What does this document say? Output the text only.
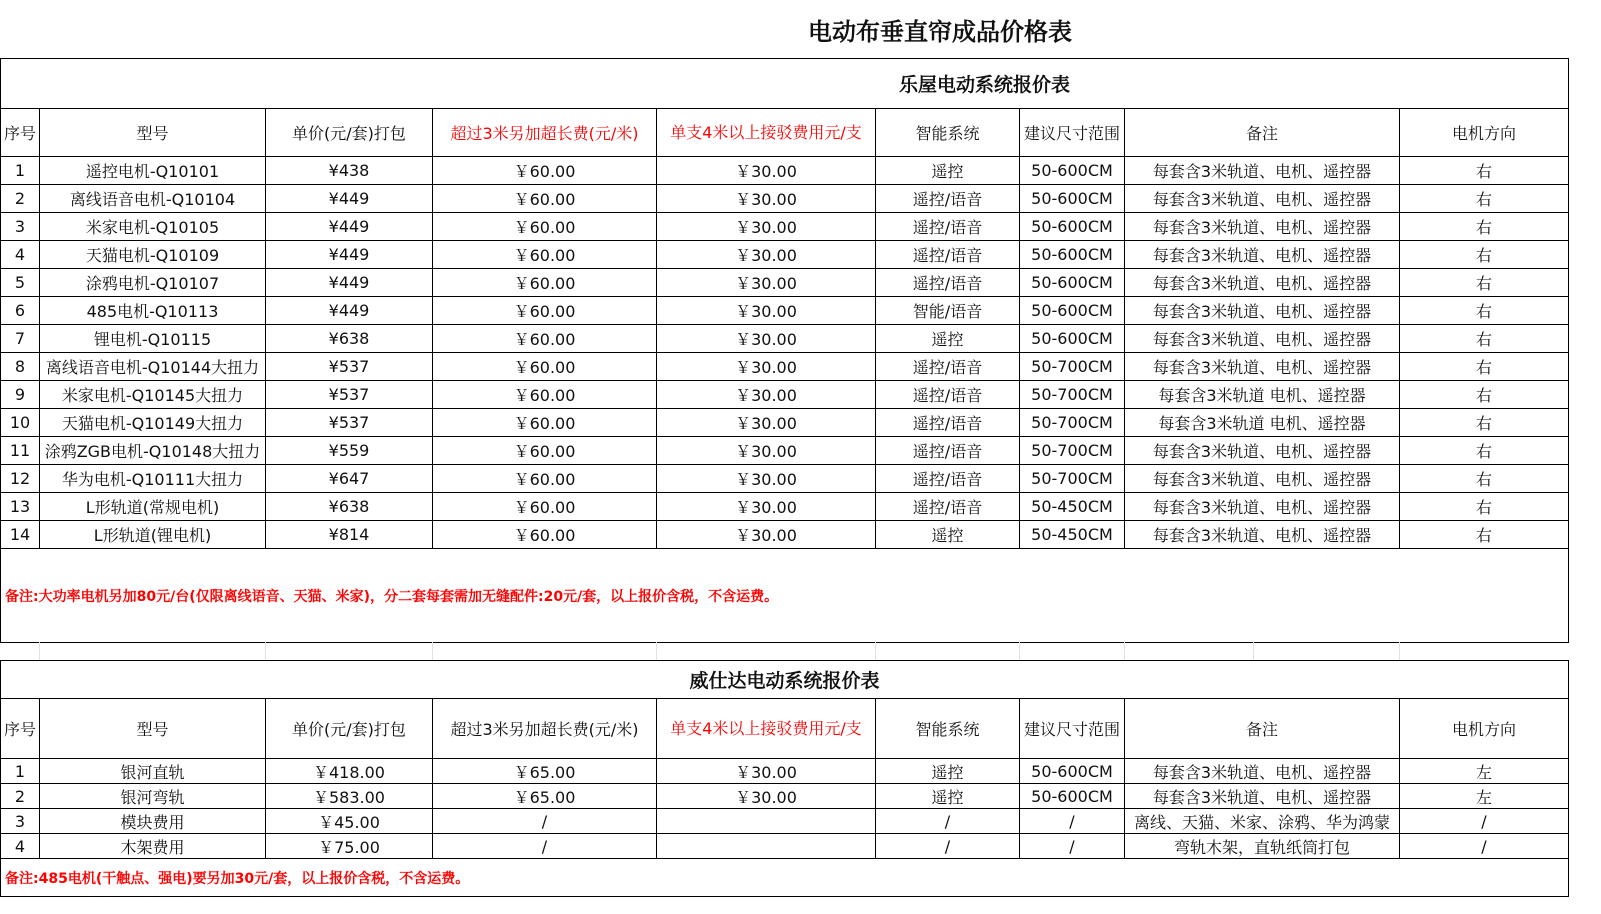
电动布垂直帘成品价格表
乐屋电动系统报价表								
序号	型号	单价(元/套)打包	超过3米另加超长费(元/米)	单支4米以上接驳费用元/支	智能系统	建议尺寸范围	备注	电机方向
1	遥控电机-Q10101	¥438	￥60.00	￥30.00	遥控	50-600CM	每套含3米轨道、电机、遥控器	右
2	离线语音电机-Q10104	¥449	￥60.00	￥30.00	遥控/语音	50-600CM	每套含3米轨道、电机、遥控器	右
3	米家电机-Q10105	¥449	￥60.00	￥30.00	遥控/语音	50-600CM	每套含3米轨道、电机、遥控器	右
4	天猫电机-Q10109	¥449	￥60.00	￥30.00	遥控/语音	50-600CM	每套含3米轨道、电机、遥控器	右
5	涂鸦电机-Q10107	¥449	￥60.00	￥30.00	遥控/语音	50-600CM	每套含3米轨道、电机、遥控器	右
6	485电机-Q10113	¥449	￥60.00	￥30.00	智能/语音	50-600CM	每套含3米轨道、电机、遥控器	右
7	锂电机-Q10115	¥638	￥60.00	￥30.00	遥控	50-600CM	每套含3米轨道、电机、遥控器	右
8	离线语音电机-Q10144大扭力	¥537	￥60.00	￥30.00	遥控/语音	50-700CM	每套含3米轨道、电机、遥控器	右
9	米家电机-Q10145大扭力	¥537	￥60.00	￥30.00	遥控/语音	50-700CM	每套含3米轨道 电机、遥控器	右
10	天猫电机-Q10149大扭力	¥537	￥60.00	￥30.00	遥控/语音	50-700CM	每套含3米轨道 电机、遥控器	右
11	涂鸦ZGB电机-Q10148大扭力	¥559	￥60.00	￥30.00	遥控/语音	50-700CM	每套含3米轨道、电机、遥控器	右
12	华为电机-Q10111大扭力	¥647	￥60.00	￥30.00	遥控/语音	50-700CM	每套含3米轨道、电机、遥控器	右
13	L形轨道(常规电机)	¥638	￥60.00	￥30.00	遥控/语音	50-450CM	每套含3米轨道、电机、遥控器	右
14	L形轨道(锂电机)	¥814	￥60.00	￥30.00	遥控	50-450CM	每套含3米轨道、电机、遥控器	右
备注:大功率电机另加80元/台(仅限离线语音、天猫、米家)，分二套每套需加无缝配件:20元/套，以上报价含税，不含运费。								
威仕达电动系统报价表								
序号	型号	单价(元/套)打包	超过3米另加超长费(元/米)	单支4米以上接驳费用元/支	智能系统	建议尺寸范围	备注	电机方向
1	银河直轨	￥418.00	￥65.00	￥30.00	遥控	50-600CM	每套含3米轨道、电机、遥控器	左
2	银河弯轨	￥583.00	￥65.00	￥30.00	遥控	50-600CM	每套含3米轨道、电机、遥控器	左
3	模块费用	￥45.00	/		/	/	离线、天猫、米家、涂鸦、华为鸿蒙	/
4	木架费用	￥75.00	/		/	/	弯轨木架，直轨纸筒打包	/
备注:485电机(干触点、强电)要另加30元/套，以上报价含税，不含运费。								
